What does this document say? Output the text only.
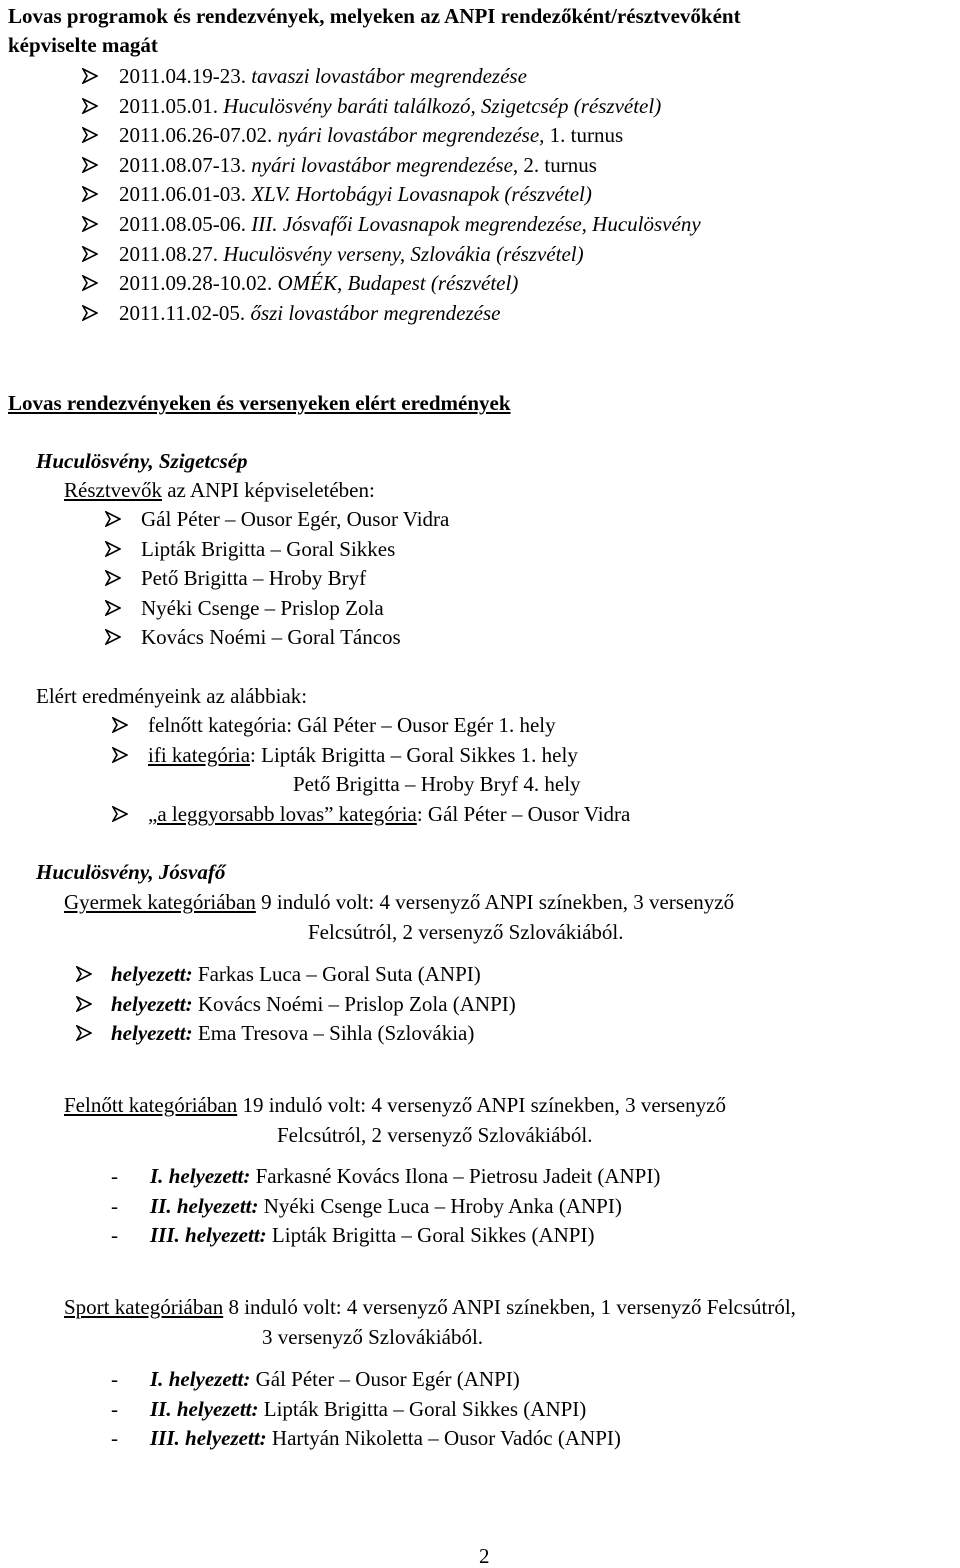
Lovas programok és rendezvények, melyeken az ANPI rendezőként/résztvevőként
képviselte magát
2011.04.19-23. tavaszi lovastábor megrendezése
2011.05.01. Huculösvény baráti találkozó, Szigetcsép (részvétel)
2011.06.26-07.02. nyári lovastábor megrendezése, 1. turnus
2011.08.07-13. nyári lovastábor megrendezése, 2. turnus
2011.06.01-03. XLV. Hortobágyi Lovasnapok (részvétel)
2011.08.05-06. III. Jósvafői Lovasnapok megrendezése, Huculösvény
2011.08.27. Huculösvény verseny, Szlovákia (részvétel)
2011.09.28-10.02. OMÉK, Budapest (részvétel)
2011.11.02-05. őszi lovastábor megrendezése
Lovas rendezvényeken és versenyeken elért eredmények
Huculösvény, Szigetcsép
Résztvevők az ANPI képviseletében:
Gál Péter – Ousor Egér, Ousor Vidra
Lipták Brigitta – Goral Sikkes
Pető Brigitta – Hroby Bryf
Nyéki Csenge – Prislop Zola
Kovács Noémi – Goral Táncos
Elért eredményeink az alábbiak:
felnőtt kategória: Gál Péter – Ousor Egér 1. hely
ifi kategória: Lipták Brigitta – Goral Sikkes 1. hely
Pető Brigitta – Hroby Bryf 4. hely
„a leggyorsabb lovas” kategória: Gál Péter – Ousor Vidra
Huculösvény, Jósvafő
Gyermek kategóriában 9 induló volt: 4 versenyző ANPI színekben, 3 versenyző
Felcsútról, 2 versenyző Szlovákiából.
helyezett: Farkas Luca – Goral Suta (ANPI)
helyezett: Kovács Noémi – Prislop Zola (ANPI)
helyezett: Ema Tresova – Sihla (Szlovákia)
Felnőtt kategóriában 19 induló volt: 4 versenyző ANPI színekben, 3 versenyző
Felcsútról, 2 versenyző Szlovákiából.
- I. helyezett: Farkasné Kovács Ilona – Pietrosu Jadeit (ANPI)
- II. helyezett: Nyéki Csenge Luca – Hroby Anka (ANPI)
- III. helyezett: Lipták Brigitta – Goral Sikkes (ANPI)
Sport kategóriában 8 induló volt: 4 versenyző ANPI színekben, 1 versenyző Felcsútról,
3 versenyző Szlovákiából.
- I. helyezett: Gál Péter – Ousor Egér (ANPI)
- II. helyezett: Lipták Brigitta – Goral Sikkes (ANPI)
- III. helyezett: Hartyán Nikoletta – Ousor Vadóc (ANPI)
2
